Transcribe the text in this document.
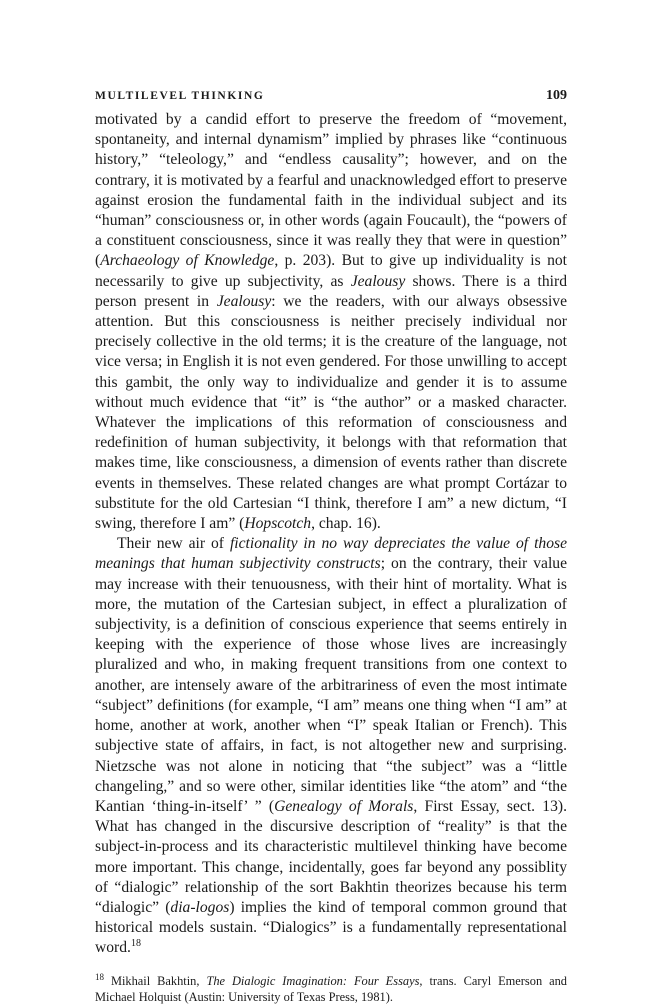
MULTILEVEL THINKING	109

motivated by a candid effort to preserve the freedom of “movement, spontaneity, and internal dynamism” implied by phrases like “continuous history,” “teleology,” and “endless causality”; however, and on the contrary, it is motivated by a fearful and unacknowledged effort to preserve against erosion the fundamental faith in the individual subject and its “human” consciousness or, in other words (again Foucault), the “powers of a constituent consciousness, since it was really they that were in question” (Archaeology of Knowledge, p. 203). But to give up individuality is not necessarily to give up subjectivity, as Jealousy shows. There is a third person present in Jealousy: we the readers, with our always obsessive attention. But this consciousness is neither precisely individual nor precisely collective in the old terms; it is the creature of the language, not vice versa; in English it is not even gendered. For those unwilling to accept this gambit, the only way to individualize and gender it is to assume without much evidence that “it” is “the author” or a masked character. Whatever the implications of this reformation of consciousness and redefinition of human subjectivity, it belongs with that reformation that makes time, like consciousness, a dimension of events rather than discrete events in themselves. These related changes are what prompt Cortázar to substitute for the old Cartesian “I think, therefore I am” a new dictum, “I swing, therefore I am” (Hopscotch, chap. 16).

Their new air of fictionality in no way depreciates the value of those meanings that human subjectivity constructs; on the contrary, their value may increase with their tenuousness, with their hint of mortality. What is more, the mutation of the Cartesian subject, in effect a pluralization of subjectivity, is a definition of conscious experience that seems entirely in keeping with the experience of those whose lives are increasingly pluralized and who, in making frequent transitions from one context to another, are intensely aware of the arbitrariness of even the most intimate “subject” definitions (for example, “I am” means one thing when “I am” at home, another at work, another when “I” speak Italian or French). This subjective state of affairs, in fact, is not altogether new and surprising. Nietzsche was not alone in noticing that “the subject” was a “little changeling,” and so were other, similar identities like “the atom” and “the Kantian ‘thing-in-itself’ ” (Genealogy of Morals, First Essay, sect. 13). What has changed in the discursive description of “reality” is that the subject-in-process and its characteristic multilevel thinking have become more important. This change, incidentally, goes far beyond any possiblity of “dialogic” relationship of the sort Bakhtin theorizes because his term “dialogic” (dia-logos) implies the kind of temporal common ground that historical models sustain. “Dialogics” is a fundamentally representational word.$^{18}$

$^{18}$ Mikhail Bakhtin, The Dialogic Imagination: Four Essays, trans. Caryl Emerson and Michael Holquist (Austin: University of Texas Press, 1981).
